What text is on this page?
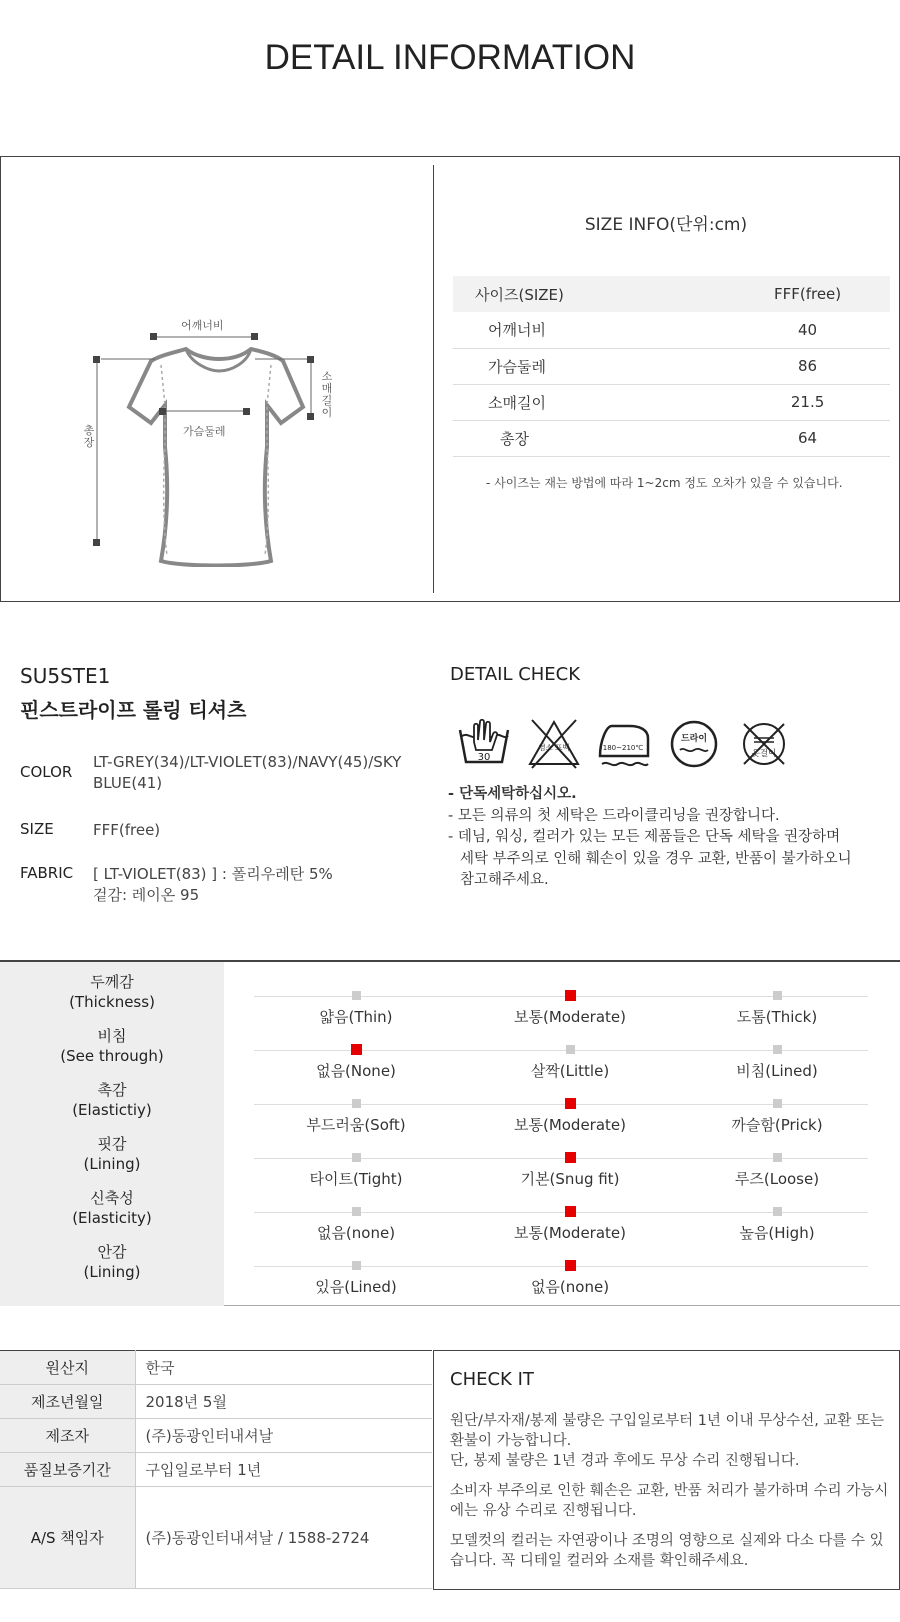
DETAIL INFORMATION
어깨너비
소매길이
총장
가슴둘레
SIZE INFO(단위:cm)
사이즈(SIZE)	FFF(free)
어깨너비	40
가슴둘레	86
소매길이	21.5
총장	64
- 사이즈는 재는 방법에 따라 1~2cm 정도 오차가 있을 수 있습니다.
SU5STE1
핀스트라이프 롤링 티셔츠
COLOR
LT-GREY(34)/LT-VIOLET(83)/NAVY(45)/SKY BLUE(41)
SIZE	FFF(free)
FABRIC	[ LT-VIOLET(83) ] : 폴리우레탄 5%
겉감: 레이온 95
DETAIL CHECK
30
염소 표백	180~210℃
드라이
옷걸이
- 단독세탁하십시오.
- 모든 의류의 첫 세탁은 드라이클리닝을 권장합니다.
- 데님, 워싱, 컬러가 있는 모든 제품들은 단독 세탁을 권장하며
세탁 부주의로 인해 훼손이 있을 경우 교환, 반품이 불가하오니
참고해주세요.
두께감
(Thickness)
얇음(Thin)	보통(Moderate)	도톰(Thick)
비침
(See through)
없음(None)	살짝(Little)	비침(Lined)
촉감
(Elastictiy)
부드러움(Soft)	보통(Moderate)	까슬함(Prick)
핏감
(Lining)
타이트(Tight)	기본(Snug fit)	루즈(Loose)
신축성
(Elasticity)
없음(none)	보통(Moderate)	높음(High)
안감
(Lining)
있음(Lined)	없음(none)
원산지	한국
제조년월일	2018년 5월
제조자	(주)동광인터내셔날
품질보증기간	구입일로부터 1년
A/S 책임자	(주)동광인터내셔날 / 1588-2724
CHECK IT
원단/부자재/봉제 불량은 구입일로부터 1년 이내 무상수선, 교환 또는 환불이 가능합니다.
단, 봉제 불량은 1년 경과 후에도 무상 수리 진행됩니다.
소비자 부주의로 인한 훼손은 교환, 반품 처리가 불가하며 수리 가능시에는 유상 수리로 진행됩니다.
모델컷의 컬러는 자연광이나 조명의 영향으로 실제와 다소 다를 수 있습니다. 꼭 디테일 컬러와 소재를 확인해주세요.
